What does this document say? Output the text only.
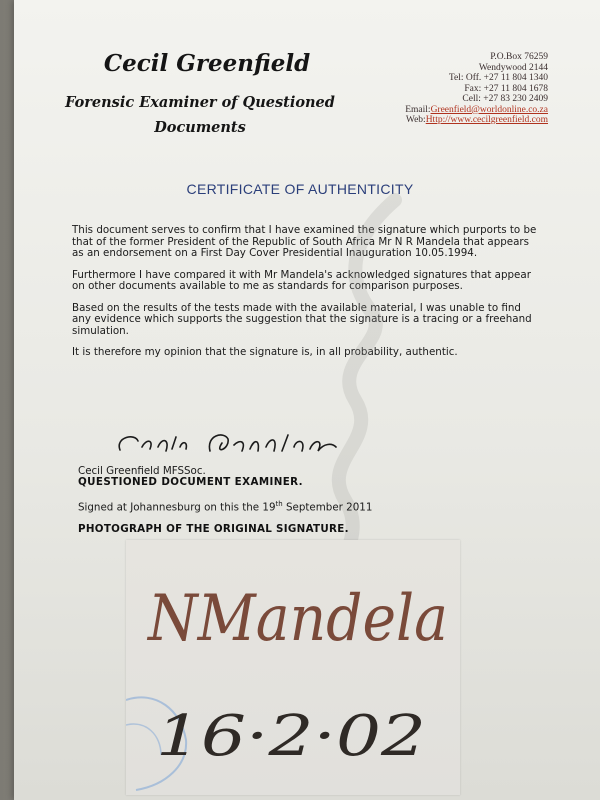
Cecil Greenfield
Forensic Examiner of Questioned
Documents
P.O.Box 76259
Wendywood 2144
Tel: Off. +27 11 804 1340
Fax: +27 11 804 1678
Cell: +27 83 230 2409
Email:Greenfield@worldonline.co.za
Web:Http://www.cecilgreenfield.com
CERTIFICATE OF AUTHENTICITY

This document serves to confirm that I have examined the signature which purports to be that of the former President of the Republic of South Africa Mr N R Mandela that appears as an endorsement on a First Day Cover Presidential Inauguration 10.05.1994.

Furthermore I have compared it with Mr Mandela's acknowledged signatures that appear on other documents available to me as standards for comparison purposes.

Based on the results of the tests made with the available material, I was unable to find any evidence which supports the suggestion that the signature is a tracing or a freehand simulation.

It is therefore my opinion that the signature is, in all probability, authentic.

Cecil Greenfield MFSSoc.
QUESTIONED DOCUMENT EXAMINER.
Signed at Johannesburg on this the 19th September 2011
PHOTOGRAPH OF THE ORIGINAL SIGNATURE.
NMandela
16·2·02
